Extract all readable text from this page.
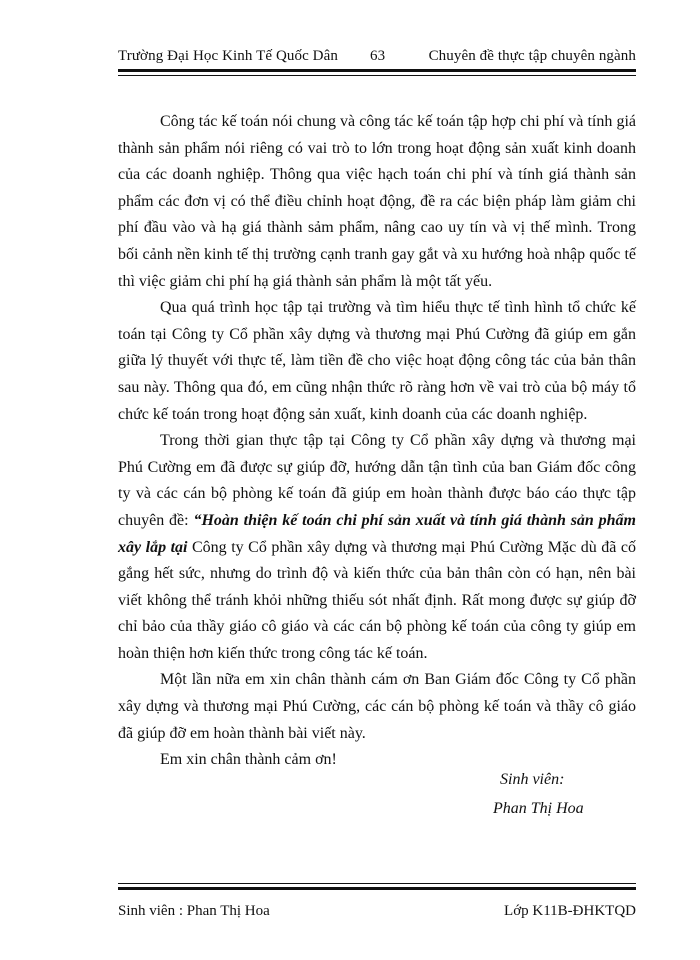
Trường Đại Học Kinh Tế Quốc Dân 63	Chuyên đề thực tập chuyên ngành

Công tác kế toán nói chung và công tác kế toán tập hợp chi phí và tính giá thành sản phẩm nói riêng có vai trò to lớn trong hoạt động sản xuất kinh doanh của các doanh nghiệp. Thông qua việc hạch toán chi phí và tính giá thành sản phẩm các đơn vị có thể điều chỉnh hoạt động, đề ra các biện pháp làm giảm chi phí đầu vào và hạ giá thành sảm phẩm, nâng cao uy tín và vị thế mình. Trong bối cảnh nền kinh tế thị trường cạnh tranh gay gắt và xu hướng hoà nhập quốc tế thì việc giảm chi phí hạ giá thành sản phẩm là một tất yếu.

Qua quá trình học tập tại trường và tìm hiểu thực tế tình hình tổ chức kế toán tại Công ty Cổ phần xây dựng và thương mại Phú Cường đã giúp em gắn giữa lý thuyết với thực tế, làm tiền đề cho việc hoạt động công tác của bản thân sau này. Thông qua đó, em cũng nhận thức rõ ràng hơn về vai trò của bộ máy tổ chức kế toán trong hoạt động sản xuất, kinh doanh của các doanh nghiệp.

Trong thời gian thực tập tại Công ty Cổ phần xây dựng và thương mại Phú Cường em đã được sự giúp đỡ, hướng dẫn tận tình của ban Giám đốc công ty và các cán bộ phòng kế toán đã giúp em hoàn thành được báo cáo thực tập chuyên đề: “Hoàn thiện kế toán chi phí sản xuất và tính giá thành sản phẩm xây lắp tại Công ty Cổ phần xây dựng và thương mại Phú Cường Mặc dù đã cố gắng hết sức, nhưng do trình độ và kiến thức của bản thân còn có hạn, nên bài viết không thể tránh khỏi những thiếu sót nhất định. Rất mong được sự giúp đỡ chỉ bảo của thầy giáo cô giáo và các cán bộ phòng kế toán của công ty giúp em hoàn thiện hơn kiến thức trong công tác kế toán.

Một lần nữa em xin chân thành cám ơn Ban Giám đốc Công ty Cổ phần xây dựng và thương mại Phú Cường, các cán bộ phòng kế toán và thầy cô giáo đã giúp đỡ em hoàn thành bài viết này.

Em xin chân thành cảm ơn!

Sinh viên:
Phan Thị Hoa
Sinh viên : Phan Thị Hoa	Lớp K11B-ĐHKTQD
